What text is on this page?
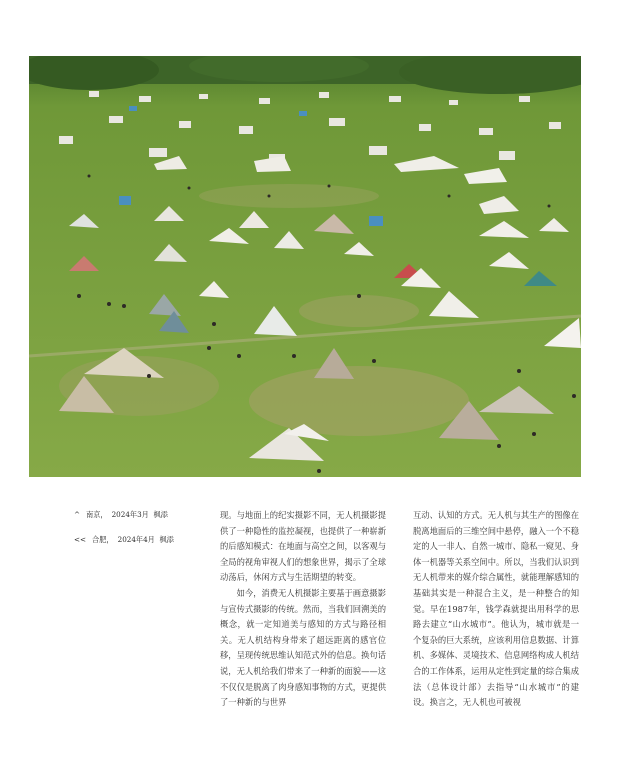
^ 南京， 2024年3月 枫添
<< 合肥， 2024年4月 枫添

现。与地面上的纪实摄影不同，无人机摄影提供了一种隐性的监控凝视，也提供了一种崭新的后感知模式：在地面与高空之间，以客观与全局的视角审视人们的想象世界，揭示了全球动荡后，休闲方式与生活期望的转变。

如今，消费无人机摄影主要基于画意摄影与宣传式摄影的传统。然而，当我们回溯美的概念，就一定知道美与感知的方式与路径相关。无人机结构身带来了超远距离的感官位移，呈现传统思维认知范式外的信息。换句话说，无人机给我们带来了一种新的面貌——这不仅仅是脱离了肉身感知事物的方式，更提供了一种新的与世界

互动、认知的方式。无人机与其生产的图像在脱离地面后的三维空间中悬停，融入一个不稳定的人一非人、自然一城市、隐私一窥见、身体一机器等关系空间中。所以，当我们认识到无人机带来的媒介综合属性，就能理解感知的基础其实是一种混合主义，是一种整合的知觉。早在1987年，钱学森就提出用科学的思路去建立“山水城市”。他认为，城市就是一个复杂的巨大系统，应该利用信息数据、计算机、多媒体、灵境技术、信息网络构成人机结合的工作体系，运用从定性到定量的综合集成法（总体设计部）去指导“山水城市”的建设。换言之，无人机也可被视
